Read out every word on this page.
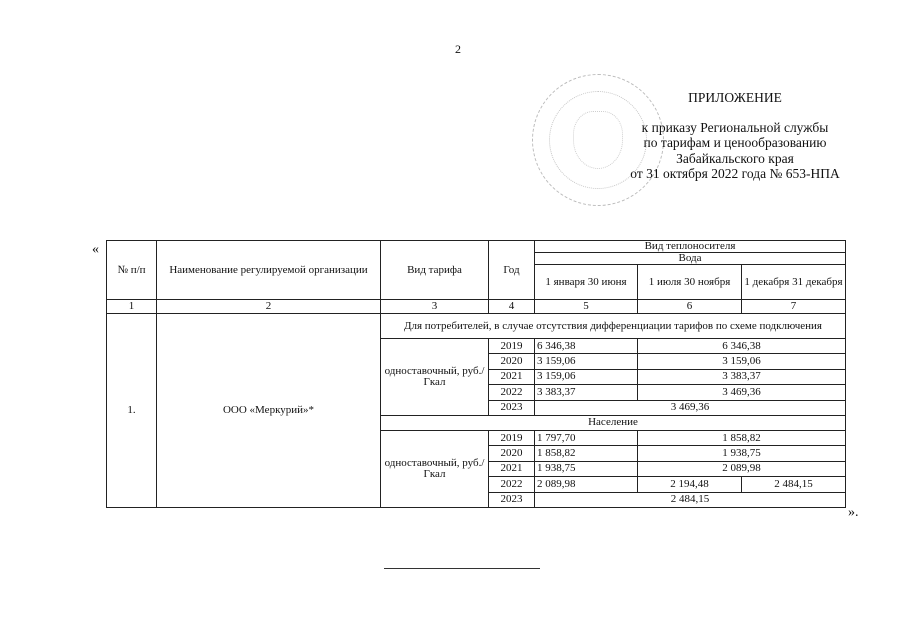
2
ПРИЛОЖЕНИЕ
к приказу Региональной службы
по тарифам и ценообразованию
Забайкальского края
от 31 октября 2022 года № 653-НПА
«
№ п/п	Наименование регулируемой организации	Вид тарифа	Год	Вид теплоносителя		
				Вода		
				1 января 30 июня	1 июля 30 ноября	1 декабря 31 декабря
1	2	3	4	5	6	7
1.	ООО «Меркурий»*	Для потребителей, в случае отсутствия дифференциации тарифов по схеме подключения				
		одноставочный, руб./Гкал	2019	6 346,38	6 346,38	
			2020	3 159,06	3 159,06	
			2021	3 159,06	3 383,37	
			2022	3 383,37	3 469,36	
			2023	3 469,36		
		Население				
		одноставочный, руб./Гкал	2019	1 797,70	1 858,82	
			2020	1 858,82	1 938,75	
			2021	1 938,75	2 089,98	
			2022	2 089,98	2 194,48	2 484,15
			2023	2 484,15		
».
